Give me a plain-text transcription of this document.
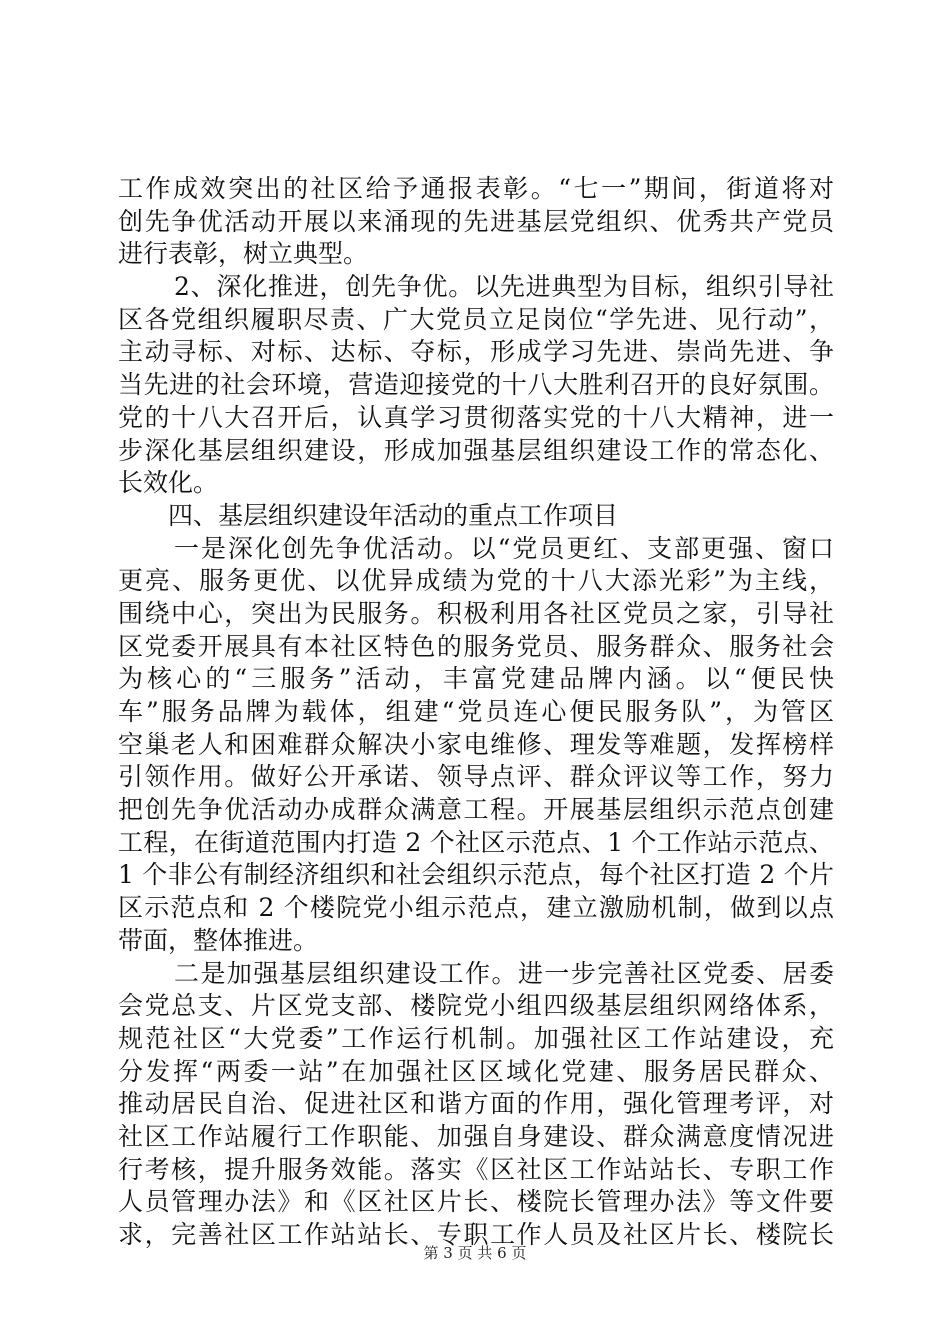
工作成效突出的社区给予通报表彰。“七一”期间，街道将对
创先争优活动开展以来涌现的先进基层党组织、优秀共产党员
进行表彰，树立典型。
2、深化推进，创先争优。以先进典型为目标，组织引导社
区各党组织履职尽责、广大党员立足岗位“学先进、见行动”，
主动寻标、对标、达标、夺标，形成学习先进、崇尚先进、争
当先进的社会环境，营造迎接党的十八大胜利召开的良好氛围。
党的十八大召开后，认真学习贯彻落实党的十八大精神，进一
步深化基层组织建设，形成加强基层组织建设工作的常态化、
长效化。
四、基层组织建设年活动的重点工作项目
一是深化创先争优活动。以“党员更红、支部更强、窗口
更亮、服务更优、以优异成绩为党的十八大添光彩”为主线，
围绕中心，突出为民服务。积极利用各社区党员之家，引导社
区党委开展具有本社区特色的服务党员、服务群众、服务社会
为核心的“三服务”活动，丰富党建品牌内涵。以“便民快
车”服务品牌为载体，组建“党员连心便民服务队”，为管区
空巢老人和困难群众解决小家电维修、理发等难题，发挥榜样
引领作用。做好公开承诺、领导点评、群众评议等工作，努力
把创先争优活动办成群众满意工程。开展基层组织示范点创建
工程，在街道范围内打造 2 个社区示范点、1 个工作站示范点、
1 个非公有制经济组织和社会组织示范点，每个社区打造 2 个片
区示范点和 2 个楼院党小组示范点，建立激励机制，做到以点
带面，整体推进。
二是加强基层组织建设工作。进一步完善社区党委、居委
会党总支、片区党支部、楼院党小组四级基层组织网络体系，
规范社区“大党委”工作运行机制。加强社区工作站建设，充
分发挥“两委一站”在加强社区区域化党建、服务居民群众、
推动居民自治、促进社区和谐方面的作用，强化管理考评，对
社区工作站履行工作职能、加强自身建设、群众满意度情况进
行考核，提升服务效能。落实《区社区工作站站长、专职工作
人员管理办法》和《区社区片长、楼院长管理办法》等文件要
求，完善社区工作站站长、专职工作人员及社区片长、楼院长
第 3 页 共 6 页
